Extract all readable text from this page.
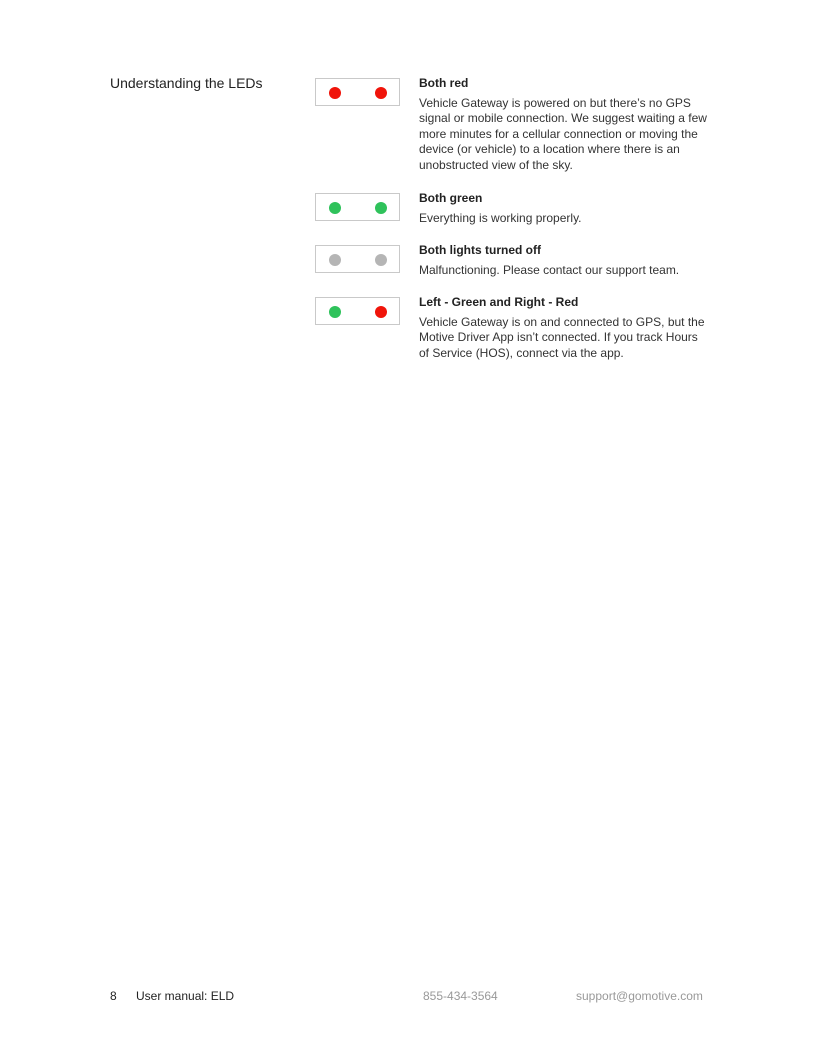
Understanding the LEDs	Both red
Vehicle Gateway is powered on but there’s no GPS signal or mobile connection. We suggest waiting a few more minutes for a cellular connection or moving the device (or vehicle) to a location where there is an unobstructed view of the sky.
Both green
Everything is working properly.
Both lights turned off
Malfunctioning. Please contact our support team.
Left - Green and Right - Red
Vehicle Gateway is on and connected to GPS, but the Motive Driver App isn’t connected. If you track Hours of Service (HOS), connect via the app.
8 User manual: ELD	855-434-3564	support@gomotive.com
